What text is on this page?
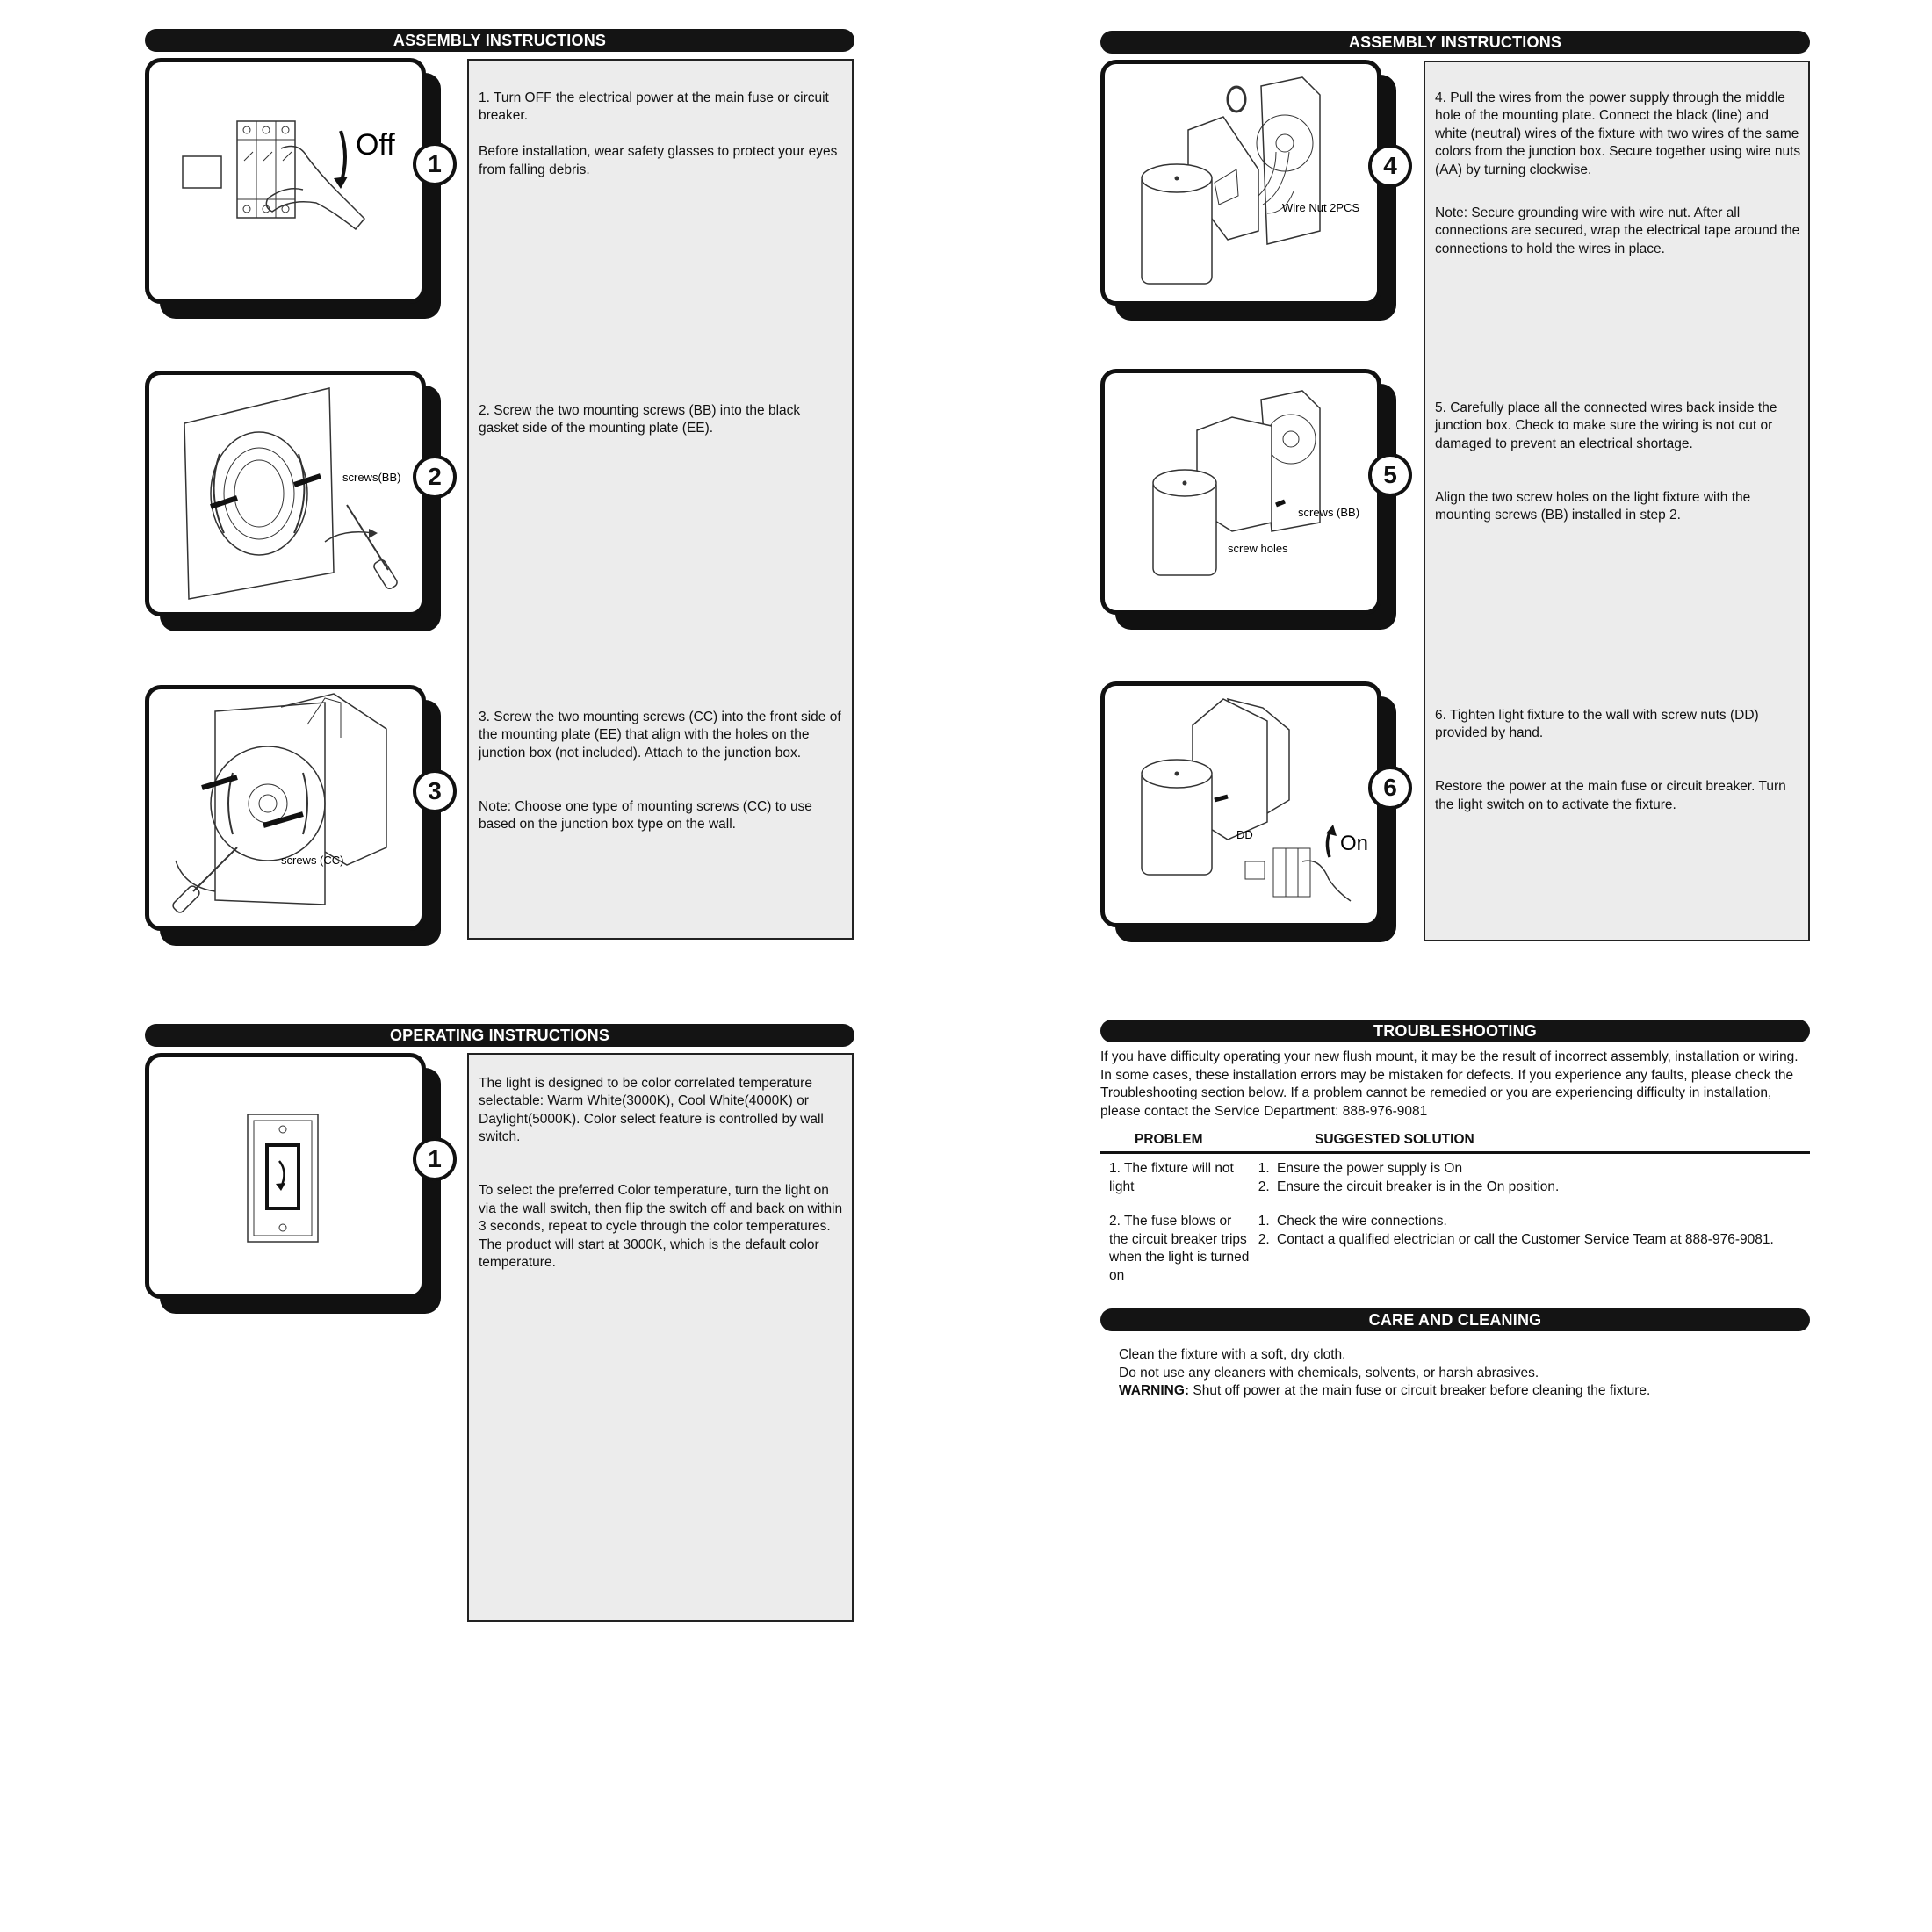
ASSEMBLY INSTRUCTIONS

1. Turn OFF the electrical power at the main fuse or circuit breaker.

Before installation, wear safety glasses to protect your eyes from falling debris.

2. Screw the two mounting screws (BB) into the black gasket side of the mounting plate (EE).

3. Screw the two mounting screws (CC) into the front side of the mounting plate (EE) that align with the holes on the junction box (not included). Attach to the junction box.

Note: Choose one type of mounting screws (CC) to use based on the junction box type on the wall.

Off
1
screws(BB)	2
screws (CC)
3
OPERATING INSTRUCTIONS

The light is designed to be color correlated temperature selectable: Warm White(3000K), Cool White(4000K) or Daylight(5000K). Color select feature is controlled by wall switch.

To select the preferred Color temperature, turn the light on via the wall switch, then flip the switch off and back on within 3 seconds, repeat to cycle through the color temperatures. The product will start at 3000K, which is the default color temperature.

1
ASSEMBLY INSTRUCTIONS

4. Pull the wires from the power supply through the middle hole of the mounting plate. Connect the black (line) and white (neutral) wires of the fixture with two wires of the same colors from the junction box. Secure together using wire nuts (AA) by turning clockwise.

Note: Secure grounding wire with wire nut. After all connections are secured, wrap the electrical tape around the connections to hold the wires in place.

5. Carefully place all the connected wires back inside the junction box. Check to make sure the wiring is not cut or damaged to prevent an electrical shortage.

Align the two screw holes on the light fixture with the mounting screws (BB) installed in step 2.

6. Tighten light fixture to the wall with screw nuts (DD) provided by hand.

Restore the power at the main fuse or circuit breaker. Turn the light switch on to activate the fixture.

Wire Nut 2PCS
4
screws (BB)
screw holes
5
DD	On
6
TROUBLESHOOTING
If you have difficulty operating your new flush mount, it may be the result of incorrect assembly, installation or wiring. In some cases, these installation errors may be mistaken for defects. If you experience any faults, please check the Troubleshooting section below. If a problem cannot be remedied or you are experiencing difficulty in installation, please contact the Service Department: 888-976-9081
PROBLEM	SUGGESTED SOLUTION
1. The fixture will not light
1. Ensure the power supply is On
2. Ensure the circuit breaker is in the On position.
2. The fuse blows or the circuit breaker trips when the light is turned on
1. Check the wire connections.
2. Contact a qualified electrician or call the Customer Service Team at 888-976-9081.
CARE AND CLEANING
Clean the fixture with a soft, dry cloth.
Do not use any cleaners with chemicals, solvents, or harsh abrasives.
WARNING: Shut off power at the main fuse or circuit breaker before cleaning the fixture.
